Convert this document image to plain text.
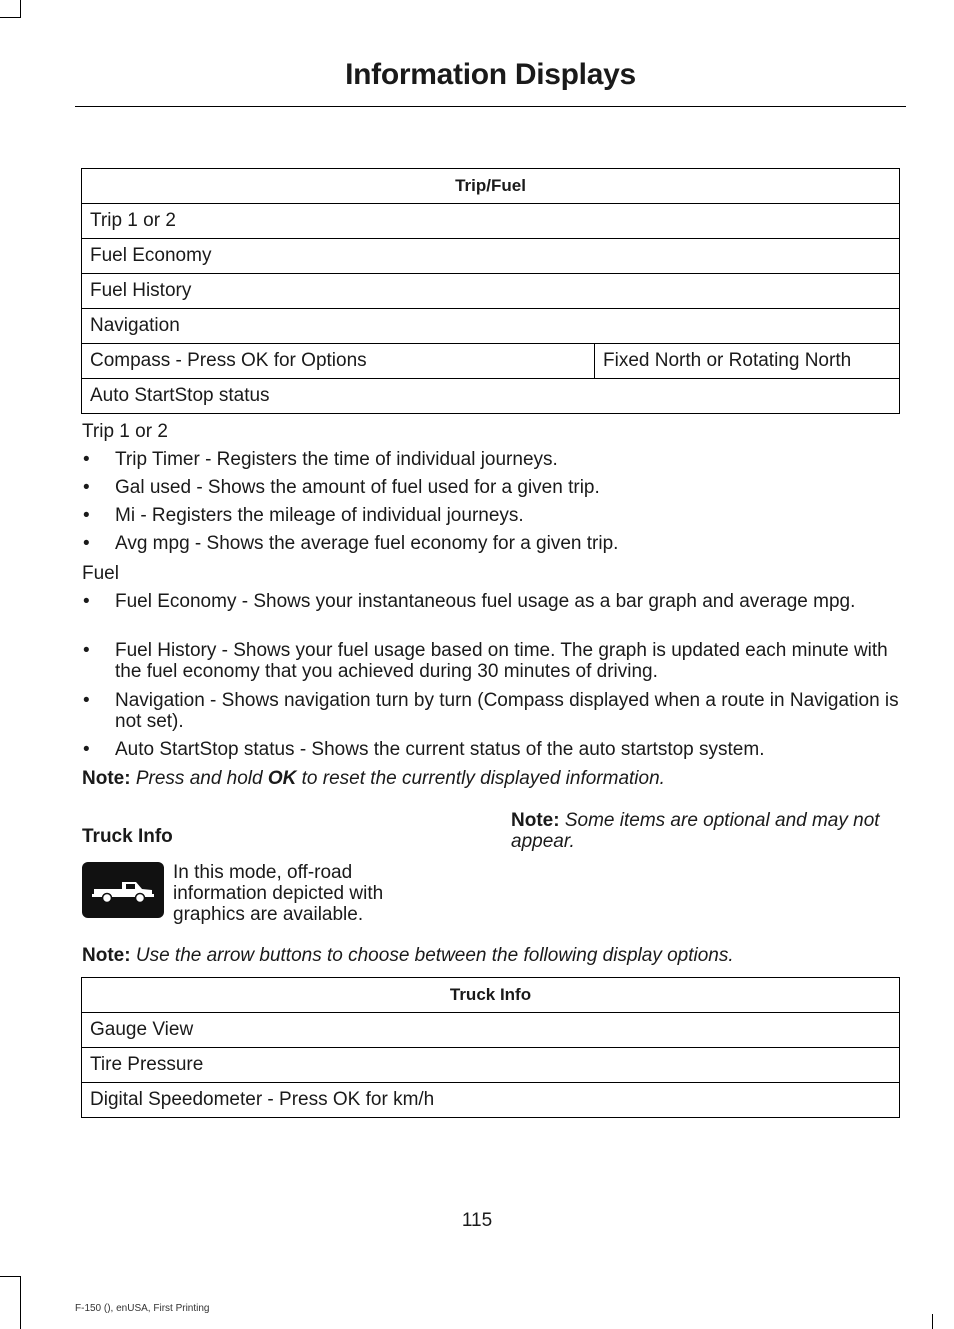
Information Displays
Trip/Fuel
Trip 1 or 2
Fuel Economy
Fuel History
Navigation
Compass - Press OK for Options	Fixed North or Rotating North
Auto StartStop status
Trip 1 or 2
• Trip Timer - Registers the time of individual journeys.
• Gal used - Shows the amount of fuel used for a given trip.
• Mi - Registers the mileage of individual journeys.
• Avg mpg - Shows the average fuel economy for a given trip.
Fuel
• Fuel Economy - Shows your instantaneous fuel usage as a bar graph and average mpg.
• Fuel History - Shows your fuel usage based on time. The graph is updated each minute with the fuel economy that you achieved during 30 minutes of driving.
• Navigation - Shows navigation turn by turn (Compass displayed when a route in Navigation is not set).
• Auto StartStop status - Shows the current status of the auto startstop system.
Note: Press and hold OK to reset the currently displayed information.
Truck Info
In this mode, off-road information depicted with graphics are available.
Note: Some items are optional and may not appear.
Note: Use the arrow buttons to choose between the following display options.
Truck Info
Gauge View
Tire Pressure
Digital Speedometer - Press OK for km/h
115
F-150 (), enUSA, First Printing
